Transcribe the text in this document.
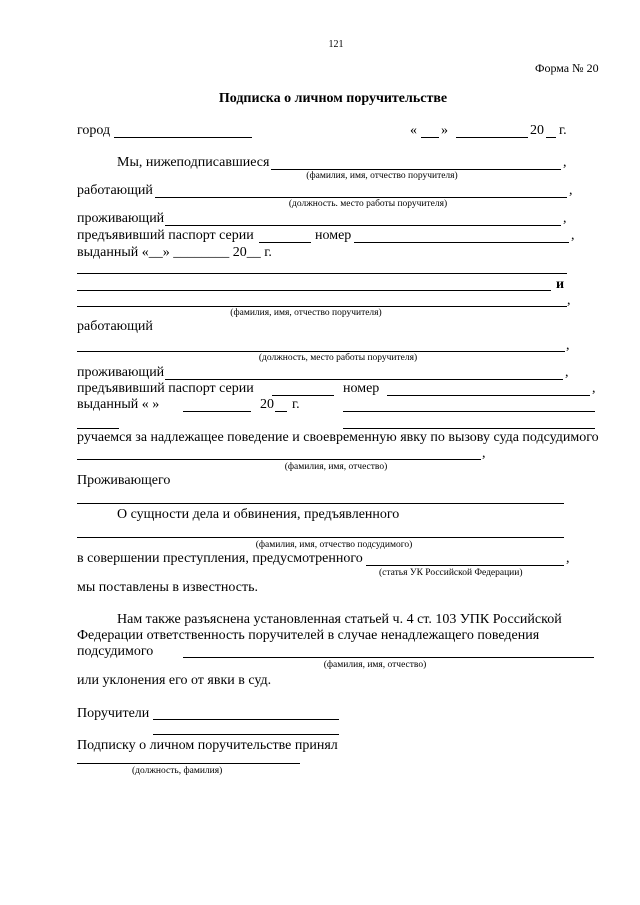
121
Форма № 20
Подписка о личном поручительстве
город	« »	20 г.
Мы, нижеподписавшиеся	,
(фамилия, имя, отчество поручителя)
работающий	,
(должность. место работы поручителя)
проживающий	,
предъявивший паспорт серии	номер	,
выданный «__» ________ 20__ г.
и
,
(фамилия, имя, отчество поручителя)
работающий
,
(должность, место работы поручителя)
проживающий	,
предъявивший паспорт серии	номер	,
выданный « »	20 г.
ручаемся за надлежащее поведение и своевременную явку по вызову суда подсудимого
,
(фамилия, имя, отчество)
Проживающего
О сущности дела и обвинения, предъявленного
(фамилия, имя, отчество подсудимого)
в совершении преступления, предусмотренного	,
(статья УК Российской Федерации)
мы поставлены в известность.
Нам также разъяснена установленная статьей ч. 4 ст. 103 УПК Российской
Федерации ответственность поручителей в случае ненадлежащего поведения
подсудимого
(фамилия, имя, отчество)
или уклонения его от явки в суд.
Поручители
Подписку о личном поручительстве принял
(должность, фамилия)
